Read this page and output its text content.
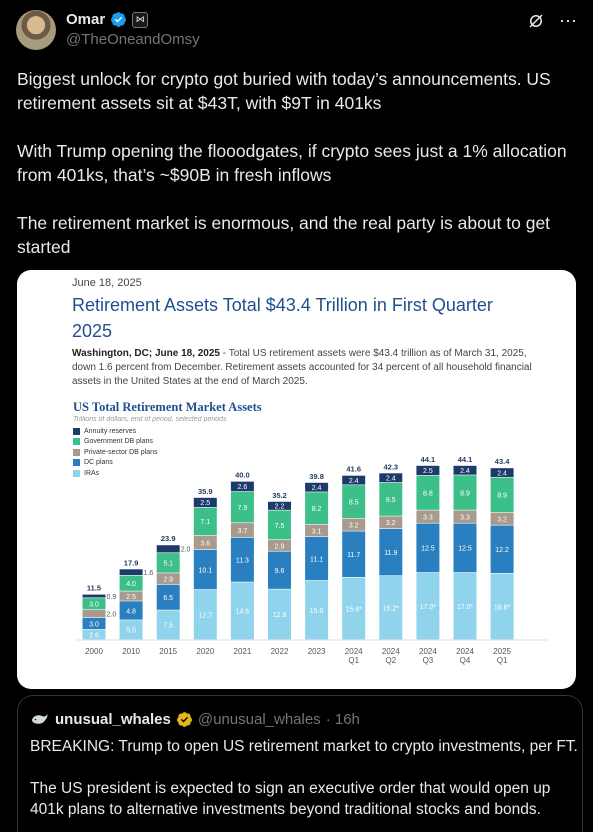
Omar	⋈
@TheOneandOmsy
⋯

Biggest unlock for crypto got buried with today’s announcements. US retirement assets sit at $43T, with $9T in 401ks

With Trump opening the flooodgates, if crypto sees just a 1% allocation from 401ks, that’s ~$90B in fresh inflows

The retirement market is enormous, and the real party is about to get started

June 18, 2025
Retirement Assets Total $43.4 Trillion in First Quarter 2025
Washington, DC; June 18, 2025 - Total US retirement assets were $43.4 trillion as of March 31, 2025, down 1.6 percent from December. Retirement assets accounted for 34 percent of all household financial assets in the United States at the end of March 2025.
US Total Retirement Market Assets
Trillions of dollars, end of period, selected periods
Annuity reserves
Government DB plans
Private-sector DB plans
DC plans
IRAs
2.6
3.0
2.0
3.0
0.9
11.5
2000
5.0
4.8
2.5
4.0
1.6
17.9
2010
7.5
6.5
2.9
5.1
2.0
23.9
2015
12.7
10.1
3.6
7.1
2.5
35.9
2020
14.6
11.3
3.7
7.9
2.6
40.0
2021
12.8
9.6
2.9
7.5
2.2
35.2
2022
15.0
11.1
3.1
8.2
2.4
39.8
2023
15.8*
11.7
3.2
8.5
2.4
41.6
2024
Q1
16.2*
11.9
3.2
8.5
2.4
42.3
2024
Q2
17.0*
12.5
3.3
8.8
2.5
44.1
2024
Q3
17.0*
12.5
3.3
8.9
2.4
44.1
2024
Q4
16.8*
12.2
3.2
8.9
2.4
43.4
2025
Q1
unusual_whales @unusual_whales · 16h

BREAKING: Trump to open US retirement market to crypto investments, per FT.

The US president is expected to sign an executive order that would open up 401k plans to alternative investments beyond traditional stocks and bonds.
